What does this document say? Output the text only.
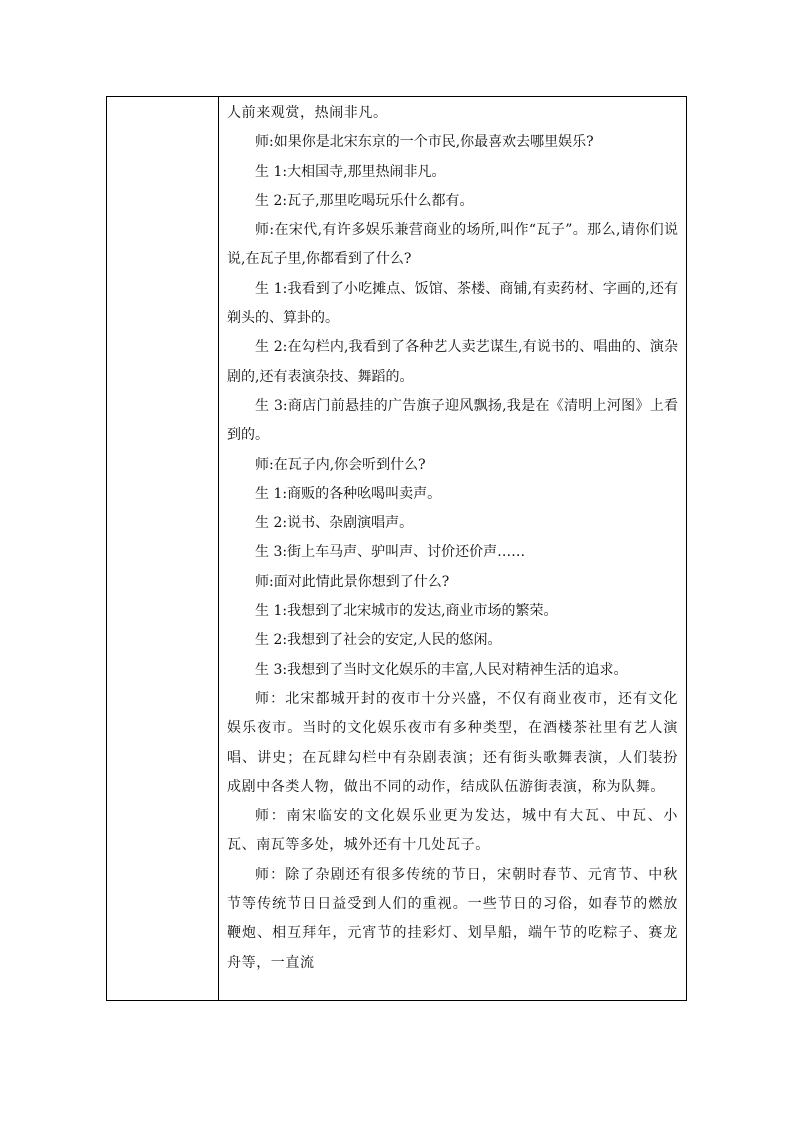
人前来观赏，热闹非凡。

师:如果你是北宋东京的一个市民,你最喜欢去哪里娱乐?

生 1:大相国寺,那里热闹非凡。

生 2:瓦子,那里吃喝玩乐什么都有。

师:在宋代,有许多娱乐兼营商业的场所,叫作“瓦子”。那么,请你们说说,在瓦子里,你都看到了什么?

生 1:我看到了小吃摊点、饭馆、茶楼、商铺,有卖药材、字画的,还有剃头的、算卦的。

生 2:在勾栏内,我看到了各种艺人卖艺谋生,有说书的、唱曲的、演杂剧的,还有表演杂技、舞蹈的。

生 3:商店门前悬挂的广告旗子迎风飘扬,我是在《清明上河图》上看到的。

师:在瓦子内,你会听到什么?

生 1:商贩的各种吆喝叫卖声。

生 2:说书、杂剧演唱声。

生 3:街上车马声、驴叫声、讨价还价声……

师:面对此情此景你想到了什么?

生 1:我想到了北宋城市的发达,商业市场的繁荣。

生 2:我想到了社会的安定,人民的悠闲。

生 3:我想到了当时文化娱乐的丰富,人民对精神生活的追求。

师：北宋都城开封的夜市十分兴盛，不仅有商业夜市，还有文化娱乐夜市。当时的文化娱乐夜市有多种类型，在酒楼茶社里有艺人演唱、讲史；在瓦肆勾栏中有杂剧表演；还有街头歌舞表演，人们装扮成剧中各类人物，做出不同的动作，结成队伍游街表演，称为队舞。

师：南宋临安的文化娱乐业更为发达，城中有大瓦、中瓦、小瓦、南瓦等多处，城外还有十几处瓦子。

师：除了杂剧还有很多传统的节日，宋朝时春节、元宵节、中秋节等传统节日日益受到人们的重视。一些节日的习俗，如春节的燃放鞭炮、相互拜年，元宵节的挂彩灯、划旱船，端午节的吃粽子、赛龙舟等，一直流
